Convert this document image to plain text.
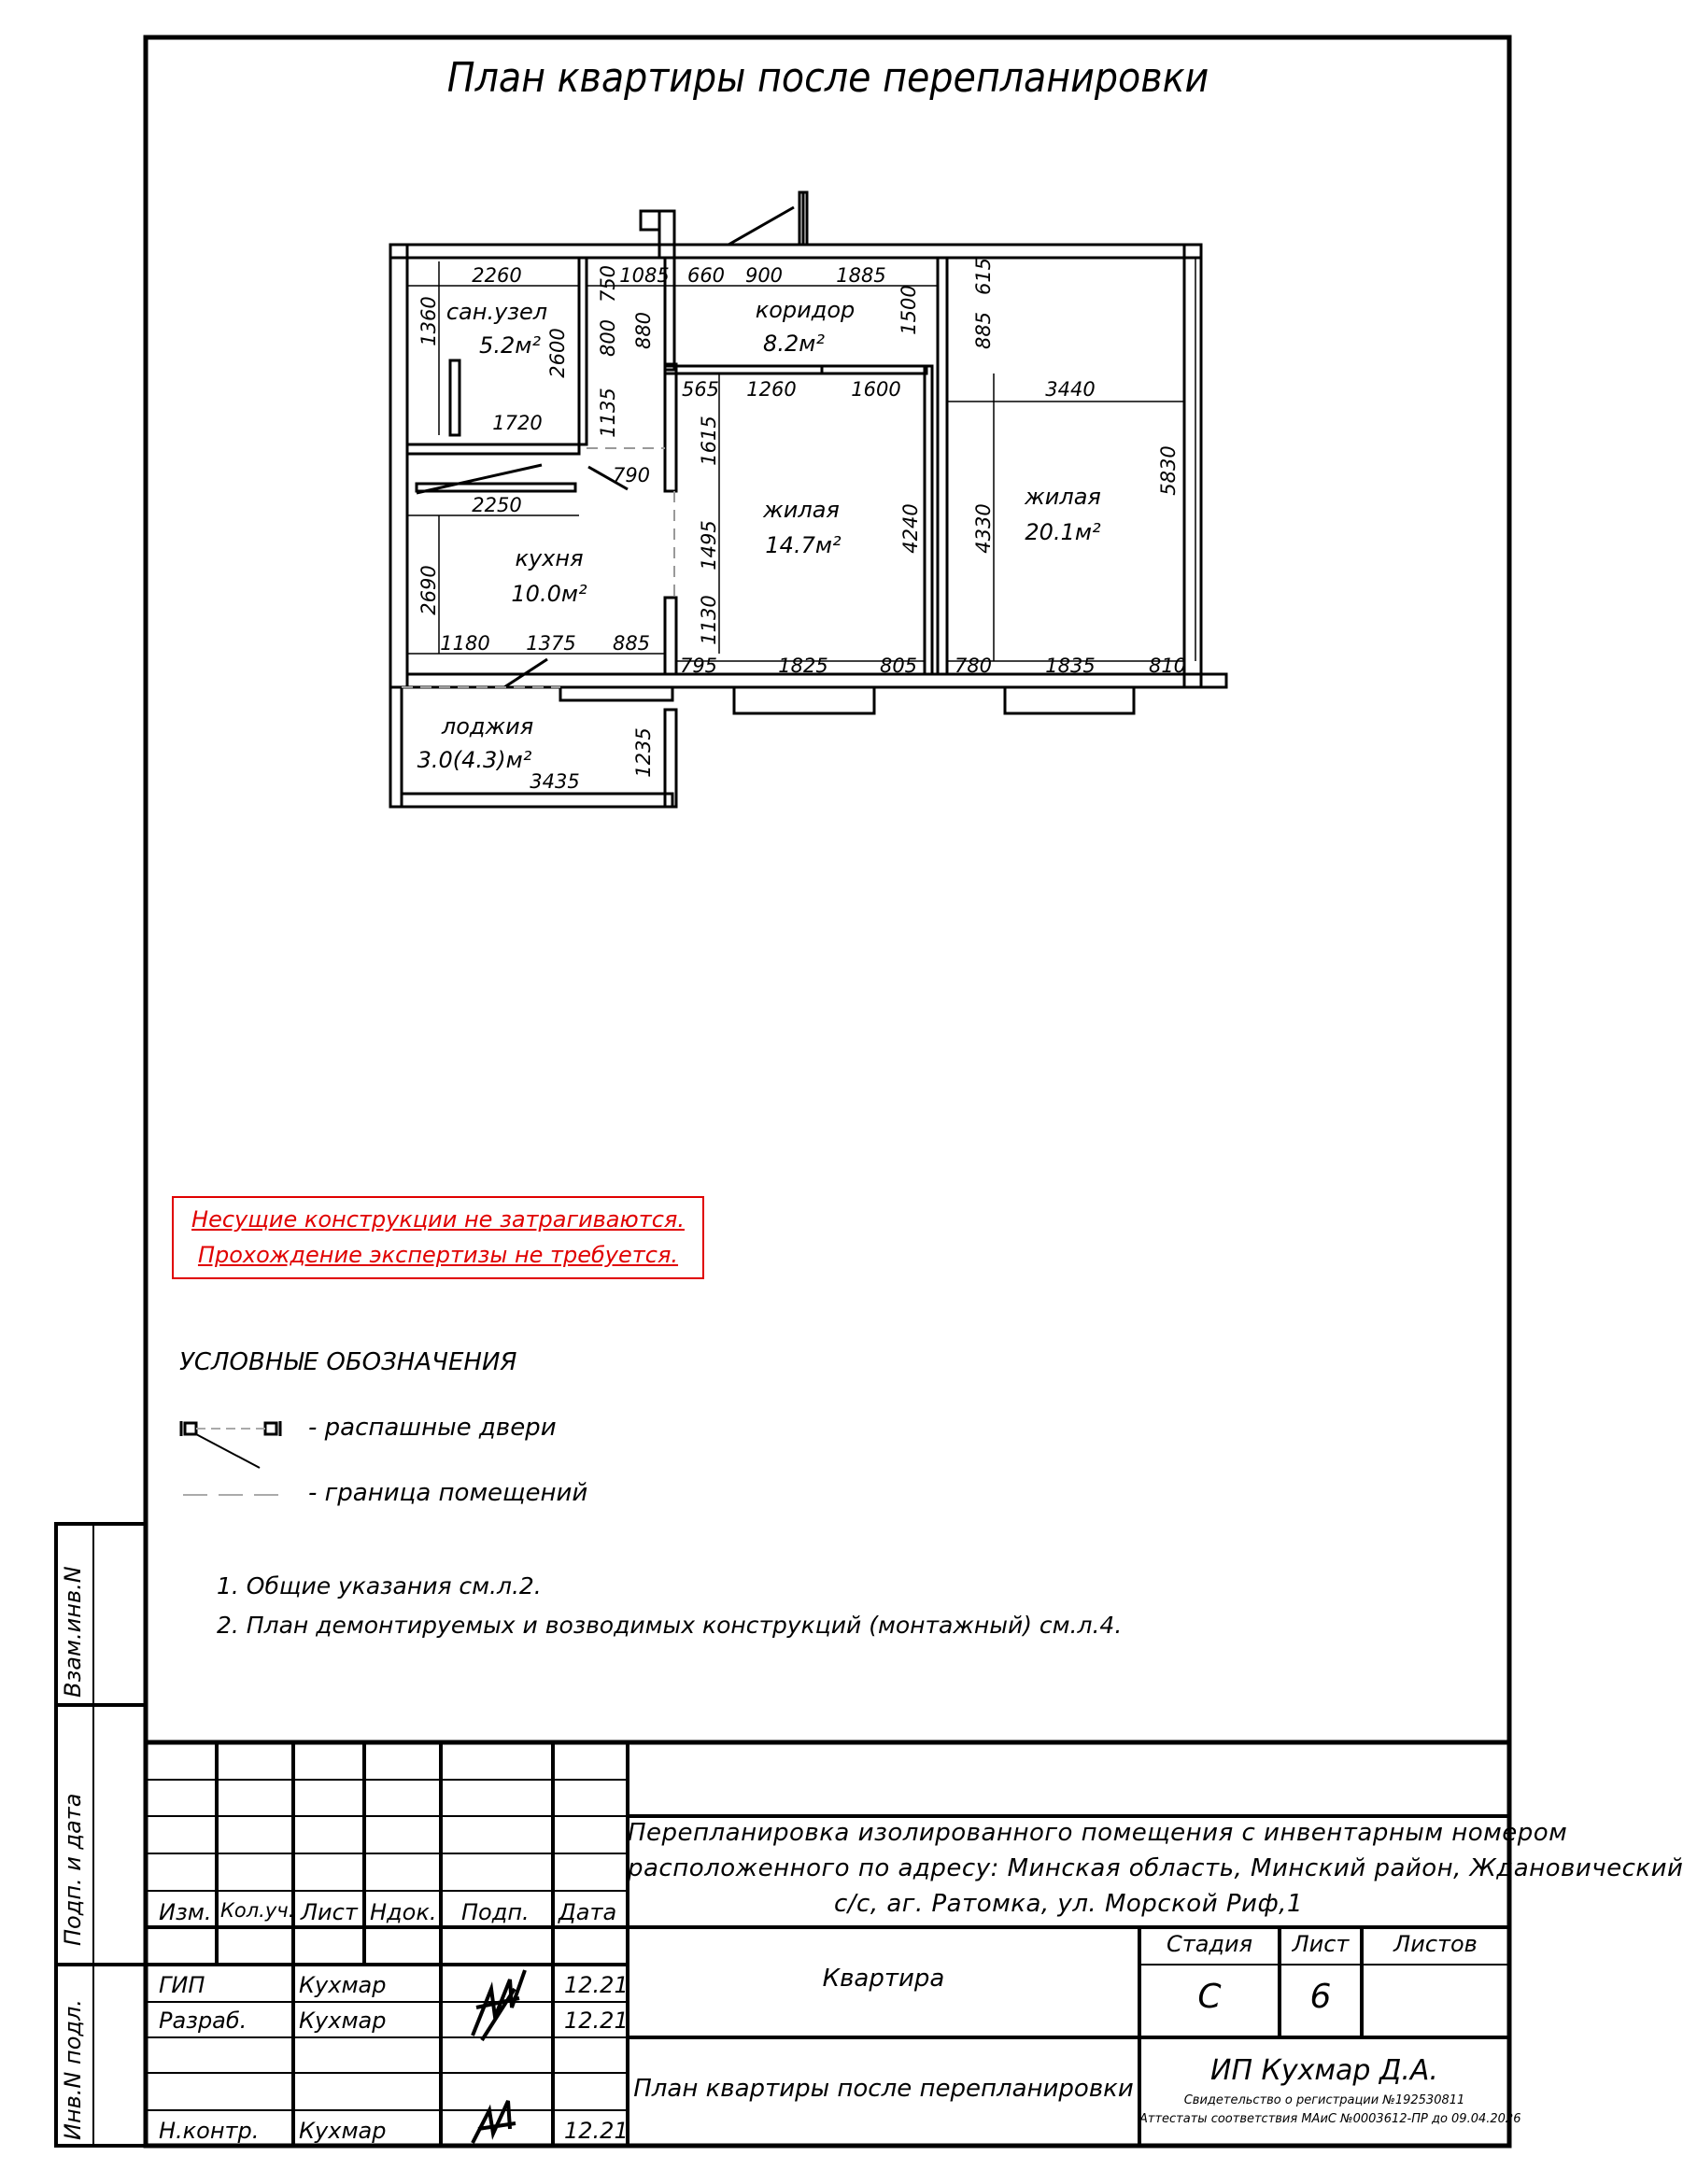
План квартиры после перепланировки
сан.узел
5.2м²
коридор
8.2м²
жилая
14.7м²
жилая
20.1м²
кухня
10.0м²
лоджия
3.0(4.3)м²
2260	1085 660 900	1885
565 1260	1600	3440
1720
790
2250
1180 1375 885
795	1825	805 780	1835	810
3435
1360
2600
750
800 880
1135
1500
615
885
1615
1495	4240	4330
5830
2690
1130
1235
Несущие конструкции не затрагиваются.
Прохождение экспертизы не требуется.
УСЛОВНЫЕ ОБОЗНАЧЕНИЯ
- распашные двери
- граница помещений
1. Общие указания см.л.2.
2. План демонтируемых и возводимых конструкций (монтажный) см.л.4.
Взам.инв.N
Подп. и дата
Инв.N подл.
Изм. Кол.уч. Лист Ндок. Подп. Дата
ГИП	Кухмар	12.21
Разраб. Кухмар	12.21
Н.контр. Кухмар	12.21
Перепланировка изолированного помещения с инвентарным номером
расположенного по адресу: Минская область, Минский район, Ждановический
с/с, аг. Ратомка, ул. Морской Риф,1
Квартира
План квартиры после перепланировки
Стадия	Лист	Листов
С	6
ИП Кухмар Д.А.
Свидетельство о регистрации №192530811
Аттестаты соответствия МАиС №0003612-ПР до 09.04.2026
